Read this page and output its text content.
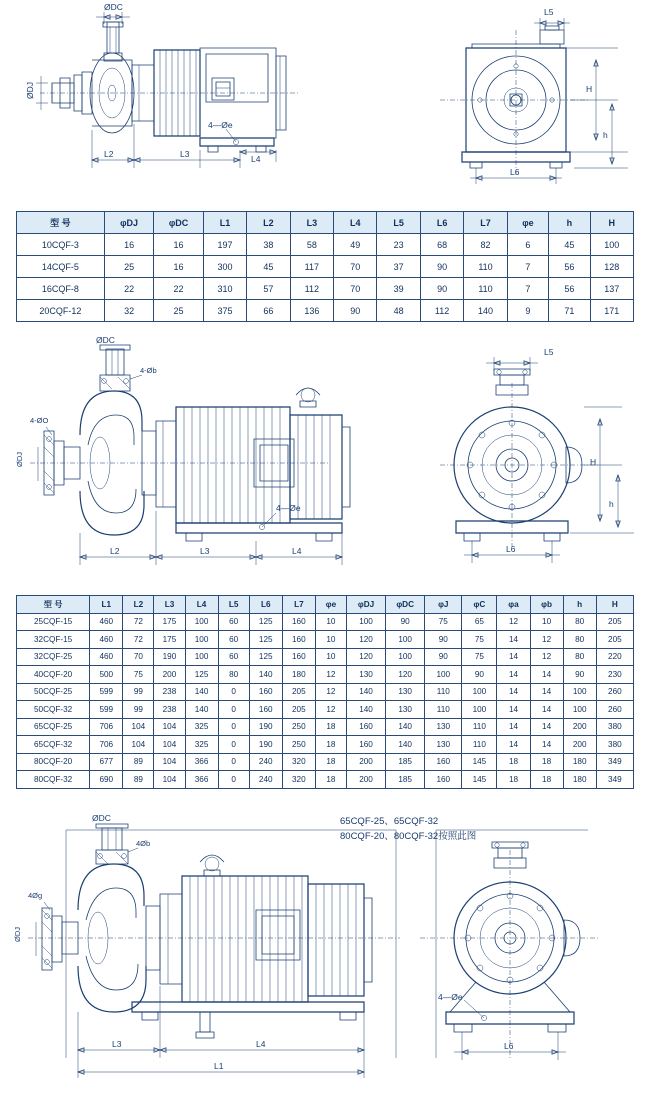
4—Øe
ØDC
ØDJ
L2	L3	L4
L5
L6
H
h
型 号	φDJ	φDC	L1	L2	L3	L4	L5	L6	L7	φe	h	H
10CQF-3	16	16	197	38	58	49	23	68	82	6	45	100
14CQF-5	25	16	300	45	117	70	37	90	110	7	56	128
16CQF-8	22	22	310	57	112	70	39	90	110	7	56	137
20CQF-12	32	25	375	66	136	90	48	112	140	9	71	171
4-ØO
ØDJ
ØDC
4-Øb
4—Øe
L2	L3	L4
L5
L6
H
h
型 号	L1	L2	L3	L4	L5	L6	L7	φe	φDJ	φDC	φJ	φC	φa	φb	h	H
25CQF-15	460	72	175	100	60	125	160	10	100	90	75	65	12	10	80	205
32CQF-15	460	72	175	100	60	125	160	10	120	100	90	75	14	12	80	205
32CQF-25	460	70	190	100	60	125	160	10	120	100	90	75	14	12	80	220
40CQF-20	500	75	200	125	80	140	180	12	130	120	100	90	14	14	90	230
50CQF-25	599	99	238	140	0	160	205	12	140	130	110	100	14	14	100	260
50CQF-32	599	99	238	140	0	160	205	12	140	130	110	100	14	14	100	260
65CQF-25	706	104	104	325	0	190	250	18	160	140	130	110	14	14	200	380
65CQF-32	706	104	104	325	0	190	250	18	160	140	130	110	14	14	200	380
80CQF-20	677	89	104	366	0	240	320	18	200	185	160	145	18	18	180	349
80CQF-32	690	89	104	366	0	240	320	18	200	185	160	145	18	18	180	349
65CQF-25、65CQF-32
80CQF-20、80CQF-32按照此图
4Øg
ØDJ
ØDC
4Øb
L3	L4
L1
4—Øe
L6
